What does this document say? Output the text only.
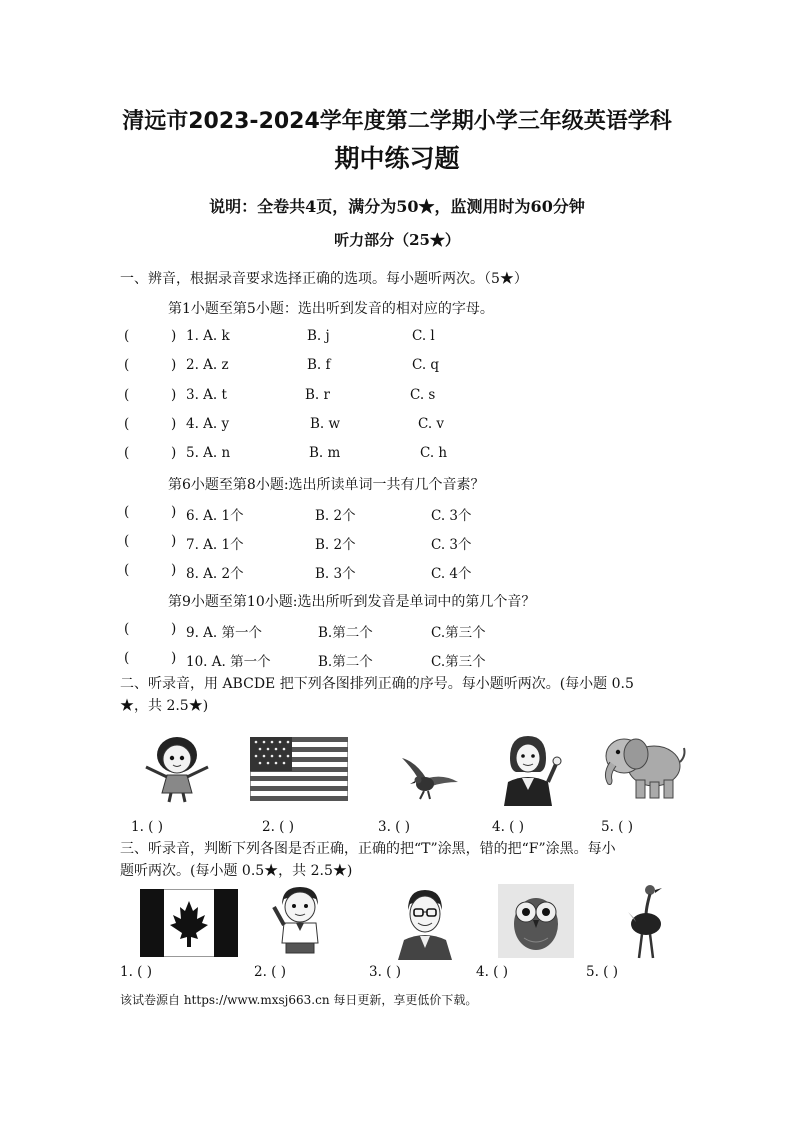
清远市2023-2024学年度第二学期小学三年级英语学科
期中练习题
说明：全卷共4页，满分为50★，监测用时为60分钟
听力部分（25★）
一、辨音，根据录音要求选择正确的选项。每小题听两次。（5★）
第1小题至第5小题：选出听到发音的相对应的字母。
(	) 1. A. k	B. j	C. l
(	) 2. A. z	B. f	C. q
(	) 3. A. t	B. r	C. s
(	) 4. A. y	B. w	C. v
(	) 5. A. n	B. m	C. h
第6小题至第8小题:选出所读单词一共有几个音素？
(	) 6. A. 1个	B. 2个	C. 3个
(	) 7. A. 1个	B. 2个	C. 3个
(	) 8. A. 2个	B. 3个	C. 4个
第9小题至第10小题:选出所听到发音是单词中的第几个音？
(	) 9. A. 第一个	B.第二个	C.第三个
(	) 10. A. 第一个	B.第二个	C.第三个
二、听录音，用 ABCDE 把下列各图排列正确的序号。每小题听两次。(每小题 0.5
★，共 2.5★)
1. ( )	2. ( )	3. ( )	4. ( )	5. ( )
三、听录音，判断下列各图是否正确，正确的把“T”涂黑，错的把“F”涂黑。每小
题听两次。(每小题 0.5★，共 2.5★)
1. ( )	2. ( )	3. ( )	4. ( )	5. ( )
该试卷源自 https://www.mxsj663.cn 每日更新，享更低价下载。
